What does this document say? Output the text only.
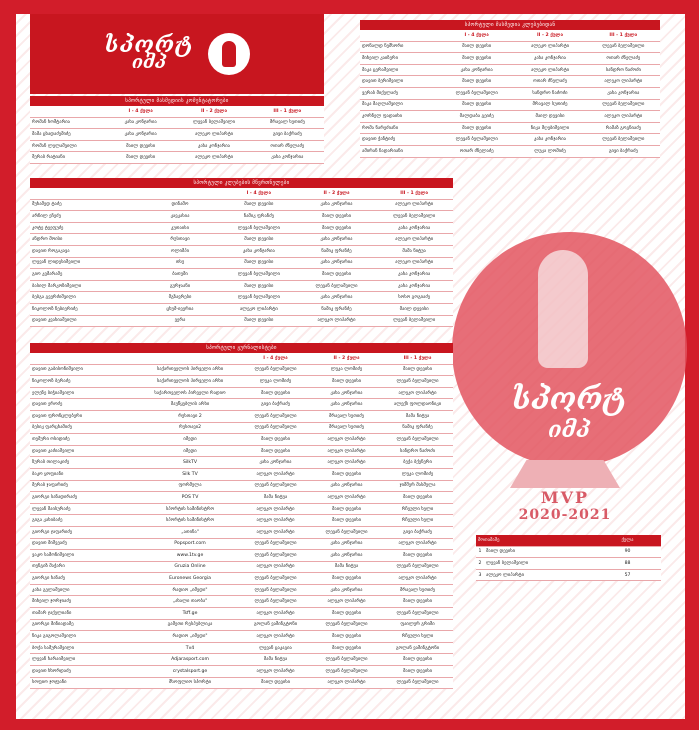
სპორტ
იმპ
სპორტ
იმპ
MVP
2020-2021
სპორტული მასმედიის კომენტატორები
	I - 4 ქულა	II - 2 ქულა	III - 1 ქულა
რომან ხოშტარია	კახა კონჯარია	ლევან ბელაშვილი	მრავალ სუთიძე
მამა ცხადაძემიძე	კახა კონჯარია	ალეკო ლიპარტი	გივი ბაქრაძე
რომან ლელაშვილი	მაილ დევისი	კახა კონჯარია	ოთარ ძნელაძე
შერაბ რატიანი	მაილ დევისი	ალეკო ლიპარტი	კახა კონჯარია
სპორტული მასმედია კლუბებიდან
	I - 4 ქულა	II - 2 ქულა	III - 1 ქულა
დონალდ ნემსორი	მაილ დევისი	ალეკო ლიპარტი	ლევან ბელაშვილი
მიხეილ კაიზერი	მაილ დევისი	კახა კონჯარია	ოთარ ძნელაძე
მაკა ცერაშვილი	კახა კონჯარია	ალეკო ლიპარტი	სანდრო ნაძოძი
დავით ბერიშვილი	მაილ დევისი	ოთარ ძნელაძე	ალეკო ლიპარტი
ვერაბ მიქელაძე	ლევან ბელაშვილი	სანდრო ნაძოძი	კახა კონჯარია
მაკა მაღლაშვილი	მაილ დევისი	მრავალ სუთიძე	ლევან ბელაშვილი
კორნელ ფადაიხი	მალდაბა გეიძე	მაილ დევისი	ალეკო ლიპარტი
რომა ნარეძიანი	მაილ დევისი	ნიკა მღებიშვილი	რამაზ გოგნიაძე
დავით ჭანტიძე	ლევან ბელაშვილი	კახა კონჯარია	ლევან ბელაშვილი
ამირან ჩადარიანი	ოთარ ძნელაძე	ლუკა ლომიძე	გივი ბაქრაძე
სპორტული კლუბების მწვრთნელები
		I - 4 ქულა	II - 2 ქულა	III - 1 ქულა
მუხამედ ტაძე	დინამო	მაილ დევისი	კახა კონჯარია	ალეკო ლიპარტი
არჩილ ეჩეძე	კავკასია	ნამიკ ფრანძე	მაილ დევისი	ლევან ბელაშვილი
კოტე ტეეფუძე	კუთაისი	ლევან ბელაშვილი	მაილ დევისი	კახა კონჯარია
ანდრო მოისი	რუსთავი	მაილ დევისი	კახა კონჯარია	ალეკო ლიპარტი
დავით როგაკავა	ოლიმპი	კახა კონჯარია	ნამიკ ფრანძე	მამა ნიტუა
ლევან ლიდესიშვილი	თსუ	მაილ დევისი	კახა კონჯარია	ალეკო ლიპარტი
გიო კვმარამე	ბათუმი	ლევან ბელაშვილი	მაილ დევისი	კახა კონჯარია
ბასილ მარკოზიშვილი	გურჯაანი	მაილ დევისი	ლევან ბელაშვილი	კახა კონჯარია
ბებგა გვერძიშვილი	მგზავრები	ლევან ბელაშვილი	კახა კონჯარია	სოსო გოგიაძე
ნიკოლოზ ნებიერიძე	ცხუმ-ივერია	ალეკო ლიპარტი	ნამიკ ფრანძე	მაილ დევისი
დავით კვახიაშვილი	ვერა	მაილ დევისი	ალეკო ლიპარტი	ლევან ბელაშვილი
სპორტული ჟურნალისტები
		I - 4 ქულა	II - 2 ქულა	III - 1 ქულა
დავით გაბისონიშვილი	საქართველოს პირველი არხი	ლევან ბელაშვილი	ლუკა ლომიძე	მაილ დევისი
ნიკოლოზ ბერაძე	საქართველოს პირველი არხი	ლუკა ლომიძე	მაილ დევისი	ლევან ბელაშვილი
ელენე ბიჭიაშვილი	საქართველოს პირველი რადიო	მაილ დევისი	კახა კონჯარია	ალეკო ლიპარტი
დავით ეროძე	მაუწყებლის არხი	გივი ბაქრაძე	კახა კონჯარია	ალექს ფოლდაონიკი
დავით ფრონცლუბერი	რუსთავი 2	ლევან ბელაშვილი	მრავალ სუთიძე	მამა ნიტუა
ბესიკ ფარცხამიძე	რუსთავი2	ლევან ბელაშვილი	მრავალ სუთიძე	ნამიკ ფრანძე
თემური ოსიდიძე	იმედი	მაილ დევისი	ალეკო ლიპარტი	ლევან ბელაშვილი
დავით კაძიაშვილი	იმედი	მაილ დევისი	ალეკო ლიპარტი	სანდრო ნაძოძი
ზურაბ თილაკიძე	SilkTV	კახა კონჯარია	ალეკო ლიპარტი	ბექა ბქენერი
ბაკო ყოფიანი	Silk TV	ალეკო ლიპარტი	მაილ დევისი	ლუკა ლომიძე
მერაბ ჯაფარიძე	ფორმულა	ლევან ბელაშვილი	კახა კონჯარია	ჯიმშერ მასმულა
გიორგი სანადირაძე	POS TV	მამა ნიტუა	ალეკო ლიპარტი	მაილ დევისი
ლევან მაისურაძე	სპორტის სამინისტრო	ალეკო ლიპარტი	მაილ დევისი	რჩეული ხელი
გიგა კახიბაძე	სპორტის სამინისტრო	ალეკო ლიპარტი	მაილ დევისი	რჩეული ხელი
გიორგი ჯაფარიძე	„ათინა"	ალეკო ლიპარტი	ლევან ბელაშვილი	გივი ბაქრაძე
დავით მიშვეაძე	Popsport.com	ლევან ბელაშვილი	კახა კონჯარია	ალეკო ლიპარტი
ვაკო სამონიშვილი	www.1tv.ge	ლევან ბელაშვილი	კახა კონჯარია	მაილ დევისი
თენგიზ მაჭარი	Gruzia Online	ალეკო ლიპარტი	მამა ნიტუა	ლევან ბელაშვილი
გიორგი ხანაძე	Euronews Georgia	ლევან ბელაშვილი	მაილ დევისი	ალეკო ლიპარტი
კახა გელაშვილი	რადიო „იმედი"	ლევან ბელაშვილი	კახა კონჯარია	მრავალ სუთიძე
მიხეილ ჯორჯიაძე	„ახალი თაობა"	ლევან ბელაშვილი	ალეკო ლიპარტი	მაილ დევისი
თამარ ჯაქელიანი	Tsff.ge	ალეკო ლიპარტი	მაილ დევისი	ლევან ბელაშვილი
გიორგი მინიადამე	გამეთი რესპუბლიკა	გოლან ვაშინგტონი	ლევან ბელაშვილი	ფაილურ გრიში
ნიკა გიგოლაშვილი	რადიო „იმედი"	ალეკო ლიპარტი	მაილ დევისი	რჩეული ხელი
ბოქა სამურაშვილი	Tv4	ლევან ცაკაგია	მაილ დევისი	გოლან ვაშინგტონი
ლევან ხარაიშვილი	Adjarasport.com	მამა ნიტუა	ლევან ბელაშვილი	მაილ დევისი
დავით ხხორდაძე	crystalsport.ge	ალეკო ლიპარტი	ლევან ბელაშვილი	მაილ დევისი
სოფიო ჯოჯუანი	მსოფლიო სპორტი	მაილ დევისი	ალეკო ლიპარტი	ლევან ბელაშვილი
მოთამაშე		ქულა
1	მაილ დევისი	90
2	ლევან ბელაშვილი	88
3	ალეკო ლიპარტი	57
